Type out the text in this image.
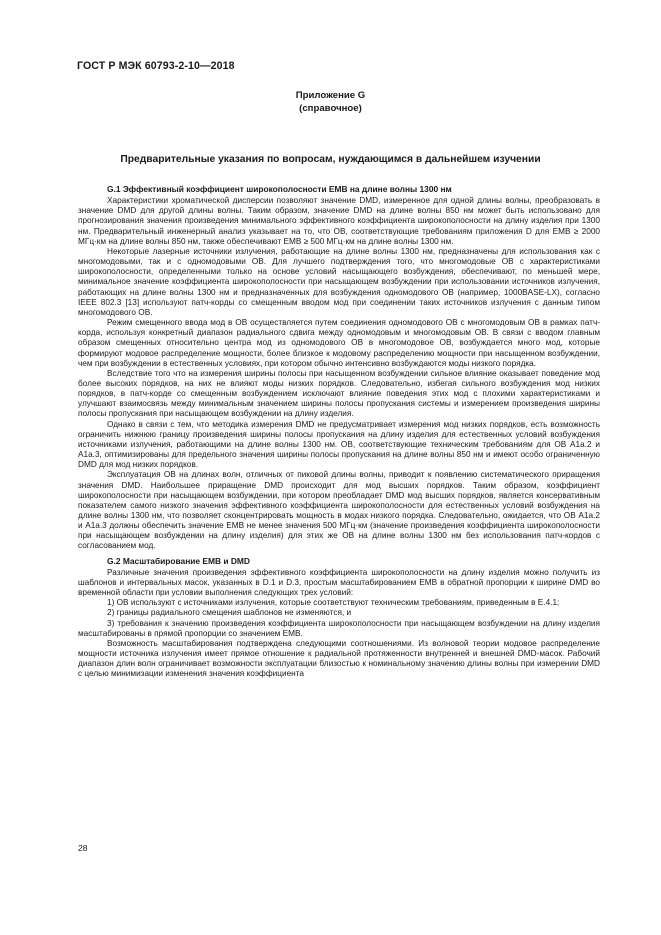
ГОСТ Р МЭК 60793-2-10—2018
Приложение G
(справочное)
Предварительные указания по вопросам, нуждающимся в дальнейшем изучении

G.1 Эффективный коэффициент широкополосности ЕМВ на длине волны 1300 нм

Характеристики хроматической дисперсии позволяют значение DMD, измеренное для одной длины волны, преобразовать в значение DMD для другой длины волны. Таким образом, значение DMD на длине волны 850 нм может быть использовано для прогнозирования значения произведения минимального эффективного коэффициента широкополосности на длину изделия при 1300 нм. Предварительный инженерный анализ указывает на то, что ОВ, соответствующие требованиям приложения D для ЕМВ ≥ 2000 МГц·км на длине волны 850 нм, также обеспечивают ЕМВ ≥ 500 МГц·км на длине волны 1300 нм.

Некоторые лазерные источники излучения, работающие на длине волны 1300 нм, предназначены для использования как с многомодовыми, так и с одномодовыми ОВ. Для лучшего подтверждения того, что многомодовые ОВ с характеристиками широкополосности, определенными только на основе условий насыщающего возбуждения, обеспечивают, по меньшей мере, минимальное значение коэффициента широкополосности при насыщающем возбуждении при использовании источников излучения, работающих на длине волны 1300 нм и предназначенных для возбуждения одномодового ОВ (например, 1000BASE-LX), согласно IEEE 802.3 [13] используют патч-корды со смещенным вводом мод при соединении таких источников излучения с данным типом многомодового ОВ.

Режим смещенного ввода мод в ОВ осуществляется путем соединения одномодового ОВ с многомодовым ОВ в рамках патч-корда, используя конкретный диапазон радиального сдвига между одномодовым и многомодовым ОВ. В связи с вводом главным образом смещенных относительно центра мод из одномодового ОВ в многомодовое ОВ, возбуждается много мод, которые формируют модовое распределение мощности, более близкое к модовому распределению мощности при насыщенном возбуждении, чем при возбуждении в естественных условиях, при котором обычно интенсивно возбуждаются моды низкого порядка.

Вследствие того что на измерения ширины полосы при насыщенном возбуждении сильное влияние оказывает поведение мод более высоких порядков, на них не влияют моды низких порядков. Следовательно, избегая сильного возбуждения мод низких порядков, в патч-корде со смещенным возбуждением исключают влияние поведения этих мод с плохими характеристиками и улучшают взаимосвязь между минимальным значением ширины полосы пропускания системы и измерением произведения ширины полосы пропускания при насыщающем возбуждении на длину изделия.

Однако в связи с тем, что методика измерения DMD не предусматривает измерения мод низких порядков, есть возможность ограничить нижнюю границу произведения ширины полосы пропускания на длину изделия для естественных условий возбуждения источниками излучения, работающими на длине волны 1300 нм. ОВ, соответствующие техническим требованиям для ОВ А1а.2 и А1а.3, оптимизированы для предельного значения ширины полосы пропускания на длине волны 850 нм и имеют особо ограниченную DMD для мод низких порядков.

Эксплуатация ОВ на длинах волн, отличных от пиковой длины волны, приводит к появлению систематического приращения значения DMD. Наибольшее приращение DMD происходит для мод высших порядков. Таким образом, коэффициент широкополосности при насыщающем возбуждении, при котором преобладает DMD мод высших порядков, является консервативным показателем самого низкого значения эффективного коэффициента широкополосности для естественных условий возбуждения на длине волны 1300 нм, что позволяет сконцентрировать мощность в модах низкого порядка. Следовательно, ожидается, что ОВ А1а.2 и А1а.3 должны обеспечить значение ЕМВ не менее значения 500 МГц·км (значение произведения коэффициента широкополосности при насыщающем возбуждении на длину изделия) для этих же ОВ на длине волны 1300 нм без использования патч-кордов с согласованием мод.

G.2 Масштабирование ЕМВ и DMD

Различные значения произведения эффективного коэффициента широкополосности на длину изделия можно получить из шаблонов и интервальных масок, указанных в D.1 и D.3, простым масштабированием ЕМВ в обратной пропорции к ширине DMD во временной области при условии выполнения следующих трех условий:

1) ОВ используют с источниками излучения, которые соответствуют техническим требованиям, приведенным в Е.4.1;

2) границы радиального смещения шаблонов не изменяются, и

3) требования к значению произведения коэффициента широкополосности при насыщающем возбуждении на длину изделия масштабированы в прямой пропорции со значением ЕМВ.

Возможность масштабирования подтверждена следующими соотношениями. Из волновой теории модовое распределение мощности источника излучения имеет прямое отношение к радиальной протяженности внутренней и внешней DMD-масок. Рабочий диапазон длин волн ограничивает возможности эксплуатации близостью к номинальному значению длины волны при измерении DMD с целью минимизации изменения значения коэффициента

28
